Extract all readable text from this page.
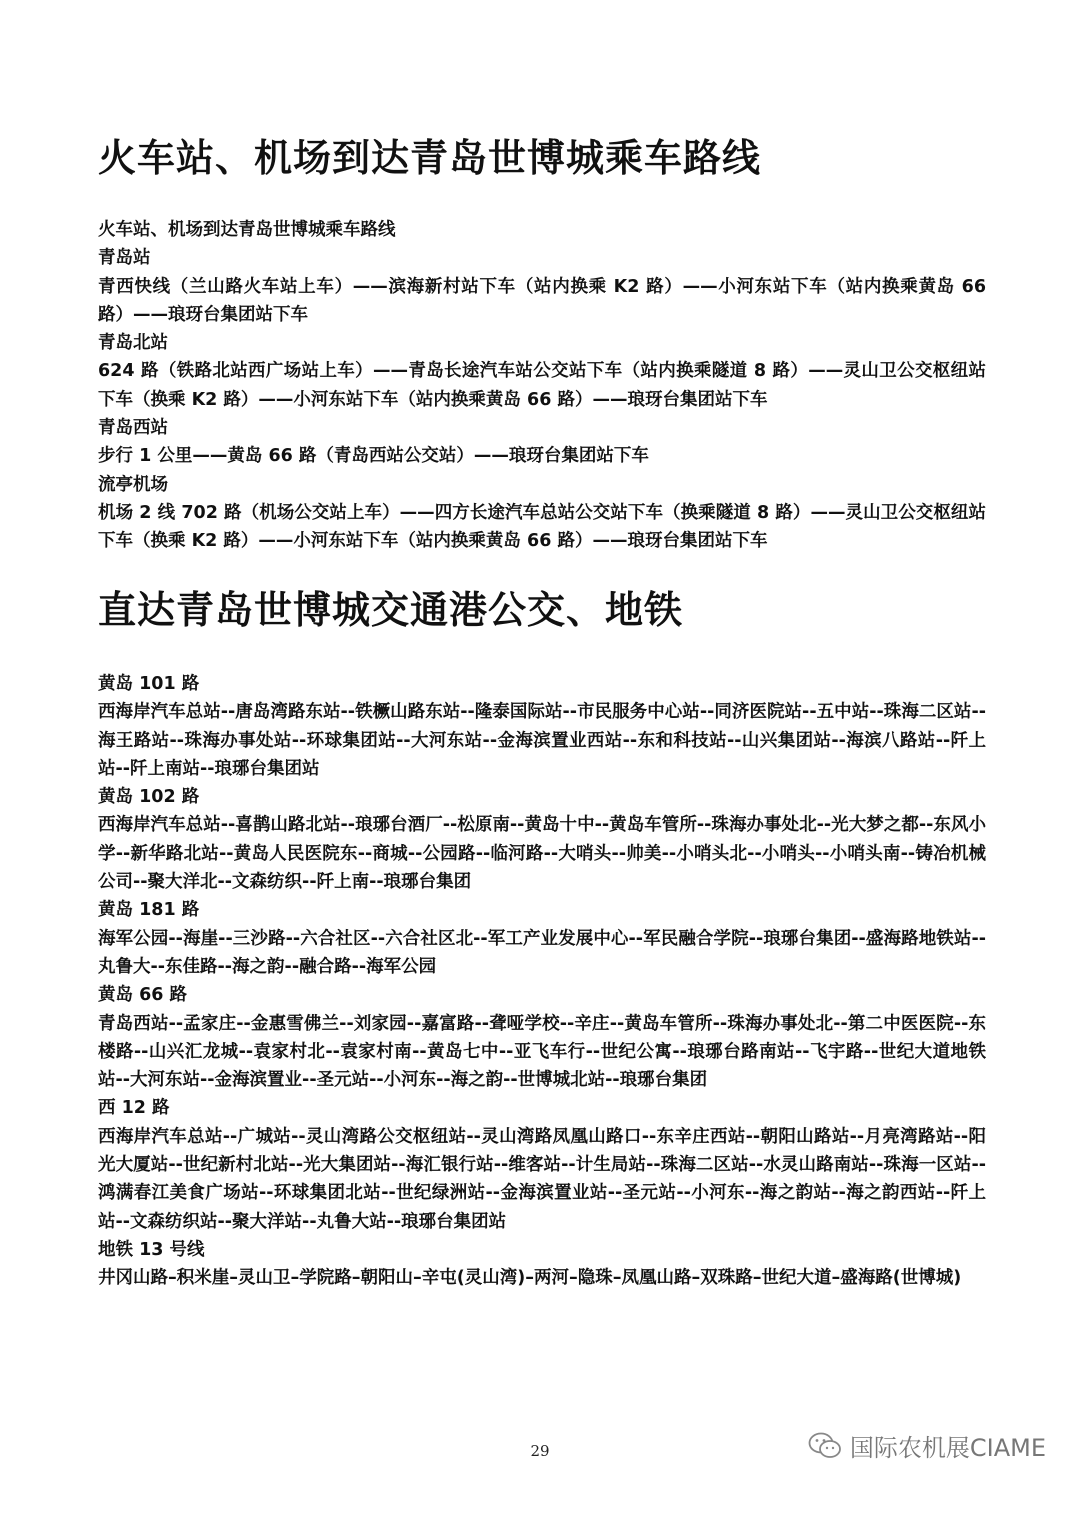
火车站、机场到达青岛世博城乘车路线
火车站、机场到达青岛世博城乘车路线
青岛站
青西快线（兰山路火车站上车）——滨海新村站下车（站内换乘 K2 路）——小河东站下车（站内换乘黄岛 66 路）——琅玡台集团站下车
青岛北站
624 路（铁路北站西广场站上车）——青岛长途汽车站公交站下车（站内换乘隧道 8 路）——灵山卫公交枢纽站下车（换乘 K2 路）——小河东站下车（站内换乘黄岛 66 路）——琅玡台集团站下车
青岛西站
步行 1 公里——黄岛 66 路（青岛西站公交站）——琅玡台集团站下车
流亭机场
机场 2 线 702 路（机场公交站上车）——四方长途汽车总站公交站下车（换乘隧道 8 路）——灵山卫公交枢纽站下车（换乘 K2 路）——小河东站下车（站内换乘黄岛 66 路）——琅玡台集团站下车
直达青岛世博城交通港公交、地铁
黄岛 101 路
西海岸汽车总站--唐岛湾路东站--铁橛山路东站--隆泰国际站--市民服务中心站--同济医院站--五中站--珠海二区站--海王路站--珠海办事处站--环球集团站--大河东站--金海滨置业西站--东和科技站--山兴集团站--海滨八路站--阡上站--阡上南站--琅琊台集团站
黄岛 102 路
西海岸汽车总站--喜鹊山路北站--琅琊台酒厂--松原南--黄岛十中--黄岛车管所--珠海办事处北--光大梦之都--东风小学--新华路北站--黄岛人民医院东--商城--公园路--临河路--大哨头--帅美--小哨头北--小哨头--小哨头南--铸冶机械公司--聚大洋北--文森纺织--阡上南--琅琊台集团
黄岛 181 路
海军公园--海崖--三沙路--六合社区--六合社区北--军工产业发展中心--军民融合学院--琅琊台集团--盛海路地铁站--丸鲁大--东佳路--海之韵--融合路--海军公园
黄岛 66 路
青岛西站--孟家庄--金惠雪佛兰--刘家园--嘉富路--聋哑学校--辛庄--黄岛车管所--珠海办事处北--第二中医医院--东楼路--山兴汇龙城--袁家村北--袁家村南--黄岛七中--亚飞车行--世纪公寓--琅琊台路南站--飞宇路--世纪大道地铁站--大河东站--金海滨置业--圣元站--小河东--海之韵--世博城北站--琅琊台集团
西 12 路
西海岸汽车总站--广城站--灵山湾路公交枢纽站--灵山湾路凤凰山路口--东辛庄西站--朝阳山路站--月亮湾路站--阳光大厦站--世纪新村北站--光大集团站--海汇银行站--维客站--计生局站--珠海二区站--水灵山路南站--珠海一区站--鸿满春江美食广场站--环球集团北站--世纪绿洲站--金海滨置业站--圣元站--小河东--海之韵站--海之韵西站--阡上站--文森纺织站--聚大洋站--丸鲁大站--琅琊台集团站
地铁 13 号线
井冈山路–积米崖–灵山卫–学院路–朝阳山–辛屯(灵山湾)–两河–隐珠–凤凰山路–双珠路–世纪大道–盛海路(世博城)
29	国际农机展CIAME
